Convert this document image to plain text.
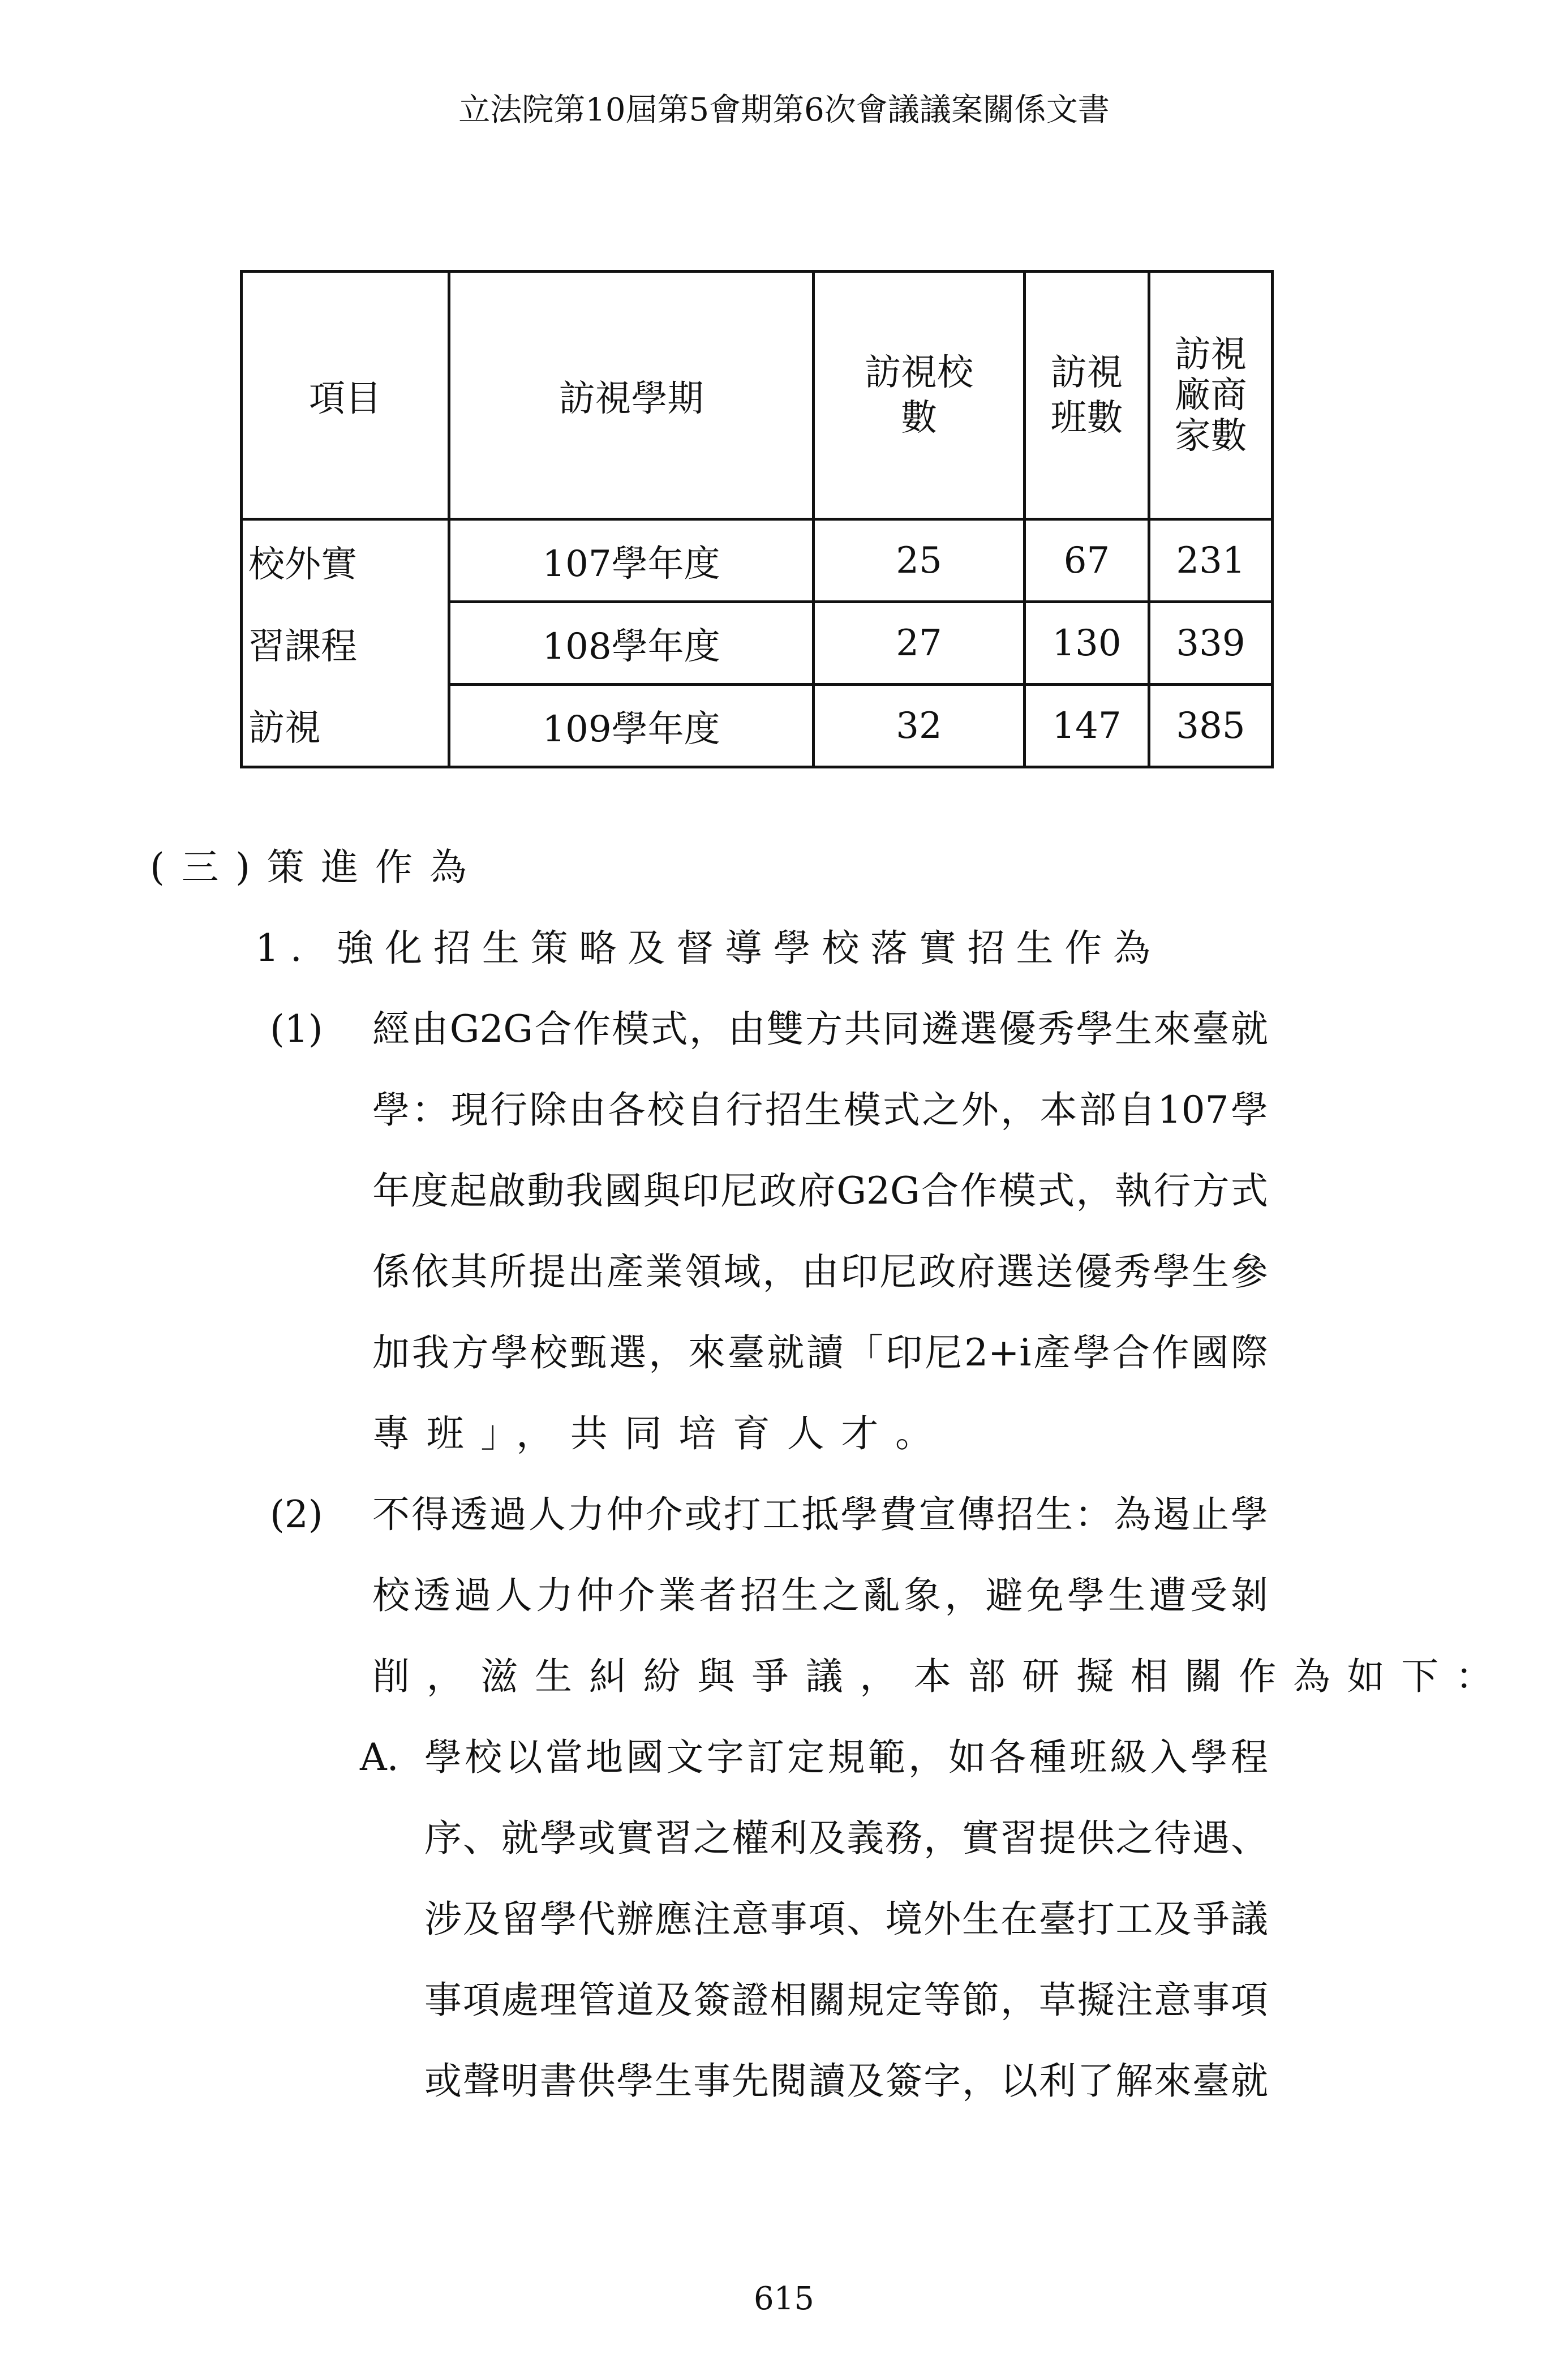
立法院第10屆第5會期第6次會議議案關係文書
項目	訪視學期	訪視校數	訪視班數	訪視廠商家數
校外實	107學年度	25	67	231
習課程	108學年度	27	130	339
訪視	109學年度	32	147	385
(三)策進作為
1. 強化招生策略及督導學校落實招生作為
(1) 經由G2G合作模式，由雙方共同遴選優秀學生來臺就
學：現行除由各校自行招生模式之外，本部自107學
年度起啟動我國與印尼政府G2G合作模式，執行方式
係依其所提出產業領域，由印尼政府選送優秀學生參
加我方學校甄選，來臺就讀「印尼2+i產學合作國際
專班」，共同培育人才。
(2) 不得透過人力仲介或打工抵學費宣傳招生：為遏止學
校透過人力仲介業者招生之亂象，避免學生遭受剝
削，滋生糾紛與爭議，本部研擬相關作為如下：
A. 學校以當地國文字訂定規範，如各種班級入學程
序、就學或實習之權利及義務，實習提供之待遇、
涉及留學代辦應注意事項、境外生在臺打工及爭議
事項處理管道及簽證相關規定等節，草擬注意事項
或聲明書供學生事先閱讀及簽字，以利了解來臺就
615
